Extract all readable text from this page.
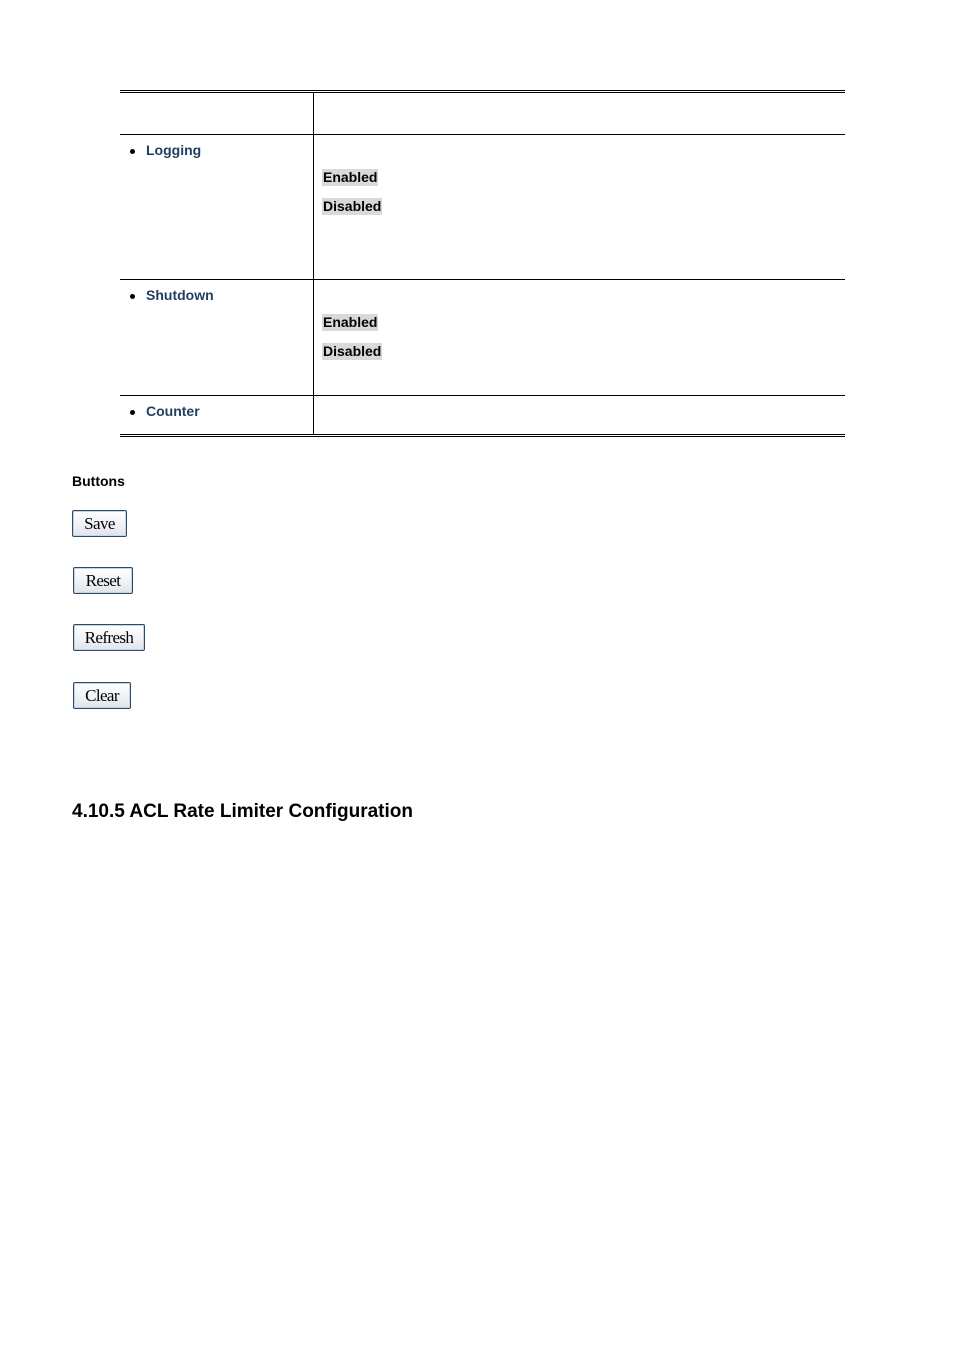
Logging	Enabled
Disabled

Shutdown	Enabled
Disabled

Counter	

Buttons
Save
Reset
Refresh
Clear
4.10.5 ACL Rate Limiter Configuration
